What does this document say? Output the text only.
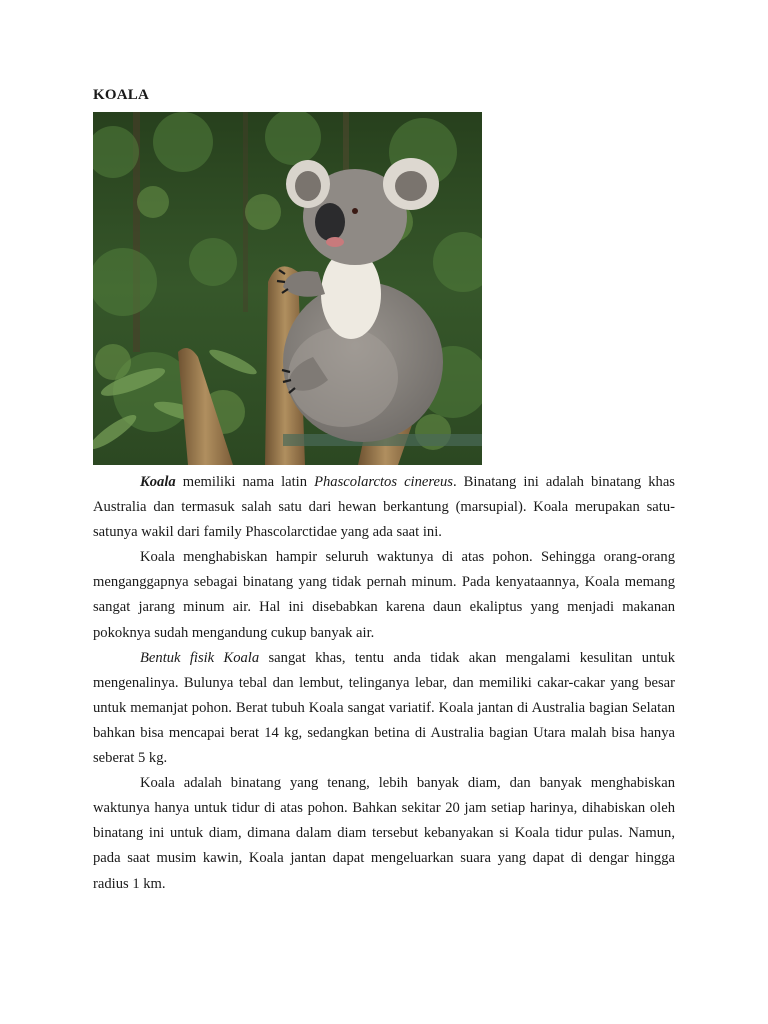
KOALA

Koala memiliki nama latin Phascolarctos cinereus. Binatang ini adalah binatang khas Australia dan termasuk salah satu dari hewan berkantung (marsupial). Koala merupakan satu-satunya wakil dari family Phascolarctidae yang ada saat ini.

Koala menghabiskan hampir seluruh waktunya di atas pohon. Sehingga orang-orang menganggapnya sebagai binatang yang tidak pernah minum. Pada kenyataannya, Koala memang sangat jarang minum air. Hal ini disebabkan karena daun ekaliptus yang menjadi makanan pokoknya sudah mengandung cukup banyak air.

Bentuk fisik Koala sangat khas, tentu anda tidak akan mengalami kesulitan untuk mengenalinya. Bulunya tebal dan lembut, telinganya lebar, dan memiliki cakar-cakar yang besar untuk memanjat pohon. Berat tubuh Koala sangat variatif. Koala jantan di Australia bagian Selatan bahkan bisa mencapai berat 14 kg, sedangkan betina di Australia bagian Utara malah bisa hanya seberat 5 kg.

Koala adalah binatang yang tenang, lebih banyak diam, dan banyak menghabiskan waktunya hanya untuk tidur di atas pohon. Bahkan sekitar 20 jam setiap harinya, dihabiskan oleh binatang ini untuk diam, dimana dalam diam tersebut kebanyakan si Koala tidur pulas. Namun, pada saat musim kawin, Koala jantan dapat mengeluarkan suara yang dapat di dengar hingga radius 1 km.
